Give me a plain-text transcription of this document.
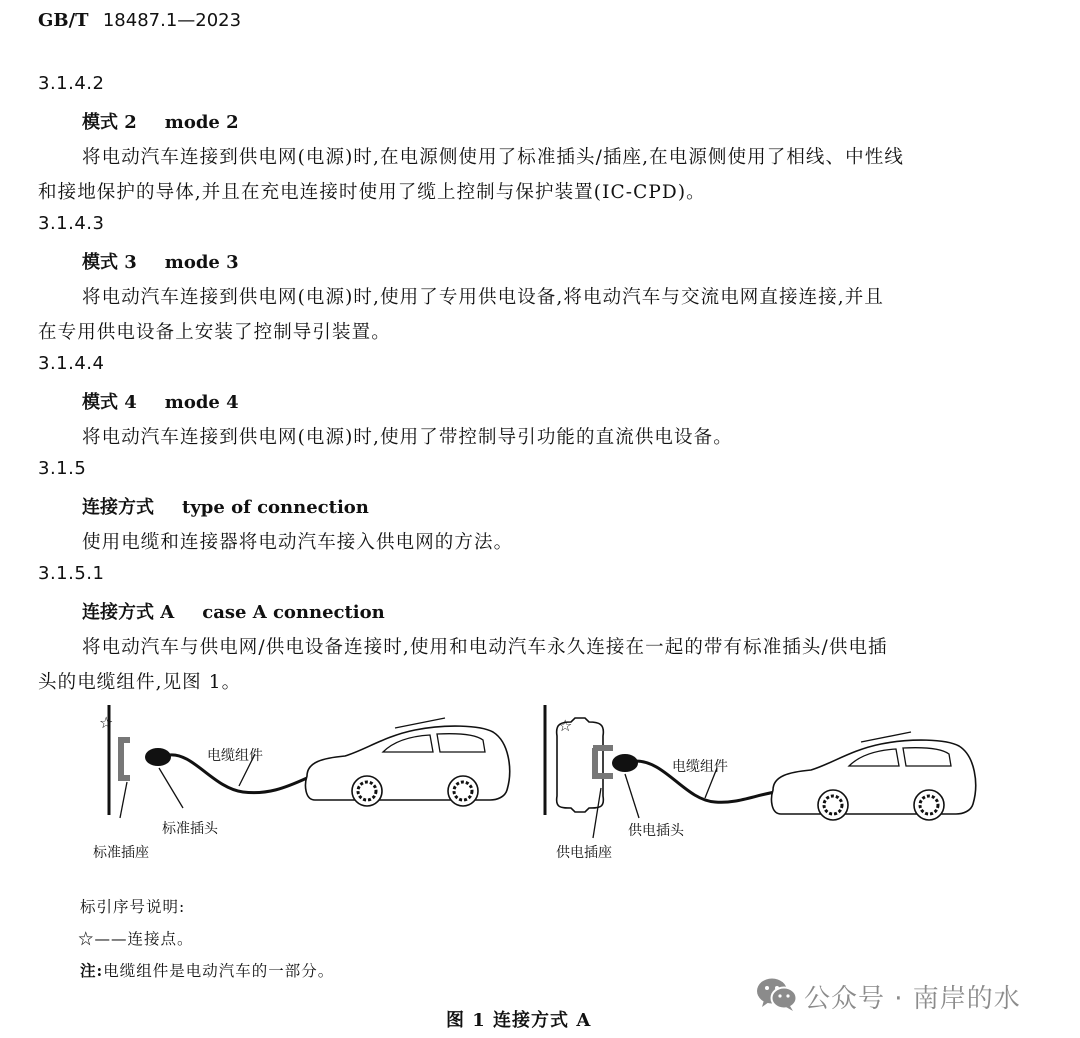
GB/T 18487.1—2023
3.1.4.2
模式 2 mode 2
将电动汽车连接到供电网(电源)时,在电源侧使用了标准插头/插座,在电源侧使用了相线、中性线
和接地保护的导体,并且在充电连接时使用了缆上控制与保护装置(IC-CPD)。
3.1.4.3
模式 3 mode 3
将电动汽车连接到供电网(电源)时,使用了专用供电设备,将电动汽车与交流电网直接连接,并且
在专用供电设备上安装了控制导引装置。
3.1.4.4
模式 4 mode 4
将电动汽车连接到供电网(电源)时,使用了带控制导引功能的直流供电设备。
3.1.5
连接方式 type of connection
使用电缆和连接器将电动汽车接入供电网的方法。
3.1.5.1
连接方式 A case A connection
将电动汽车与供电网/供电设备连接时,使用和电动汽车永久连接在一起的带有标准插头/供电插
头的电缆组件,见图 1。
☆
电缆组件
标准插头
标准插座
☆
电缆组件
供电插头
供电插座
标引序号说明:
☆——连接点。
注:电缆组件是电动汽车的一部分。
图 1 连接方式 A
公众号 · 南岸的水
